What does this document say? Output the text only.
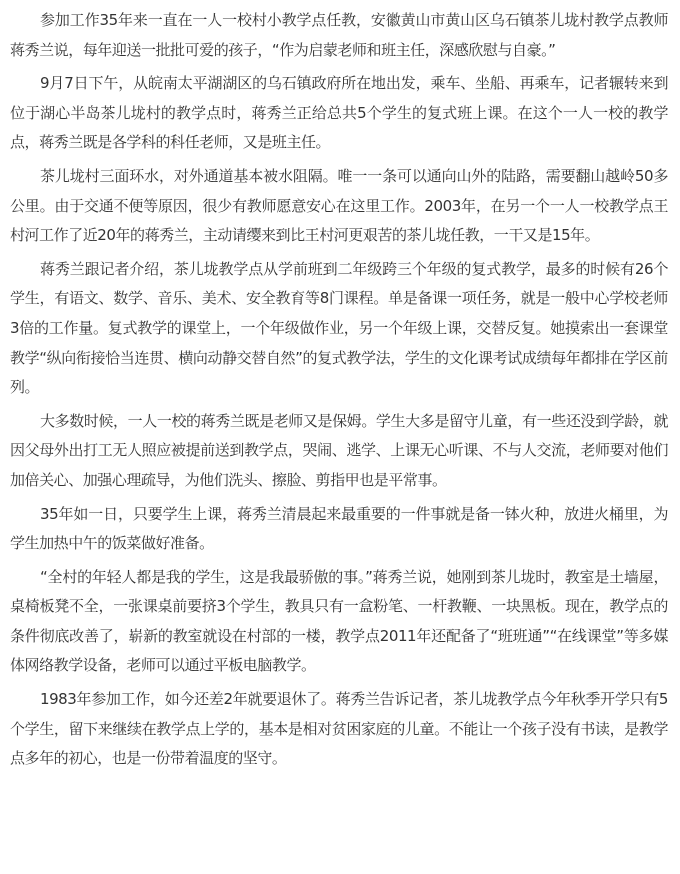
参加工作35年来一直在一人一校村小教学点任教，安徽黄山市黄山区乌石镇茶儿垅村教学点教师蒋秀兰说，每年迎送一批批可爱的孩子，“作为启蒙老师和班主任，深感欣慰与自豪。”

9月7日下午，从皖南太平湖湖区的乌石镇政府所在地出发，乘车、坐船、再乘车，记者辗转来到位于湖心半岛茶儿垅村的教学点时，蒋秀兰正给总共5个学生的复式班上课。在这个一人一校的教学点，蒋秀兰既是各学科的科任老师，又是班主任。

茶儿垅村三面环水，对外通道基本被水阻隔。唯一一条可以通向山外的陆路，需要翻山越岭50多公里。由于交通不便等原因，很少有教师愿意安心在这里工作。2003年，在另一个一人一校教学点王村河工作了近20年的蒋秀兰，主动请缨来到比王村河更艰苦的茶儿垅任教，一干又是15年。

蒋秀兰跟记者介绍，茶儿垅教学点从学前班到二年级跨三个年级的复式教学，最多的时候有26个学生，有语文、数学、音乐、美术、安全教育等8门课程。单是备课一项任务，就是一般中心学校老师3倍的工作量。复式教学的课堂上，一个年级做作业，另一个年级上课，交替反复。她摸索出一套课堂教学“纵向衔接恰当连贯、横向动静交替自然”的复式教学法，学生的文化课考试成绩每年都排在学区前列。

大多数时候，一人一校的蒋秀兰既是老师又是保姆。学生大多是留守儿童，有一些还没到学龄，就因父母外出打工无人照应被提前送到教学点，哭闹、逃学、上课无心听课、不与人交流，老师要对他们加倍关心、加强心理疏导，为他们洗头、擦脸、剪指甲也是平常事。

35年如一日，只要学生上课，蒋秀兰清晨起来最重要的一件事就是备一钵火种，放进火桶里，为学生加热中午的饭菜做好准备。

“全村的年轻人都是我的学生，这是我最骄傲的事。”蒋秀兰说，她刚到茶儿垅时，教室是土墙屋，桌椅板凳不全，一张课桌前要挤3个学生，教具只有一盒粉笔、一杆教鞭、一块黑板。现在，教学点的条件彻底改善了，崭新的教室就设在村部的一楼，教学点2011年还配备了“班班通”“在线课堂”等多媒体网络教学设备，老师可以通过平板电脑教学。

1983年参加工作，如今还差2年就要退休了。蒋秀兰告诉记者，茶儿垅教学点今年秋季开学只有5个学生，留下来继续在教学点上学的，基本是相对贫困家庭的儿童。不能让一个孩子没有书读，是教学点多年的初心，也是一份带着温度的坚守。
